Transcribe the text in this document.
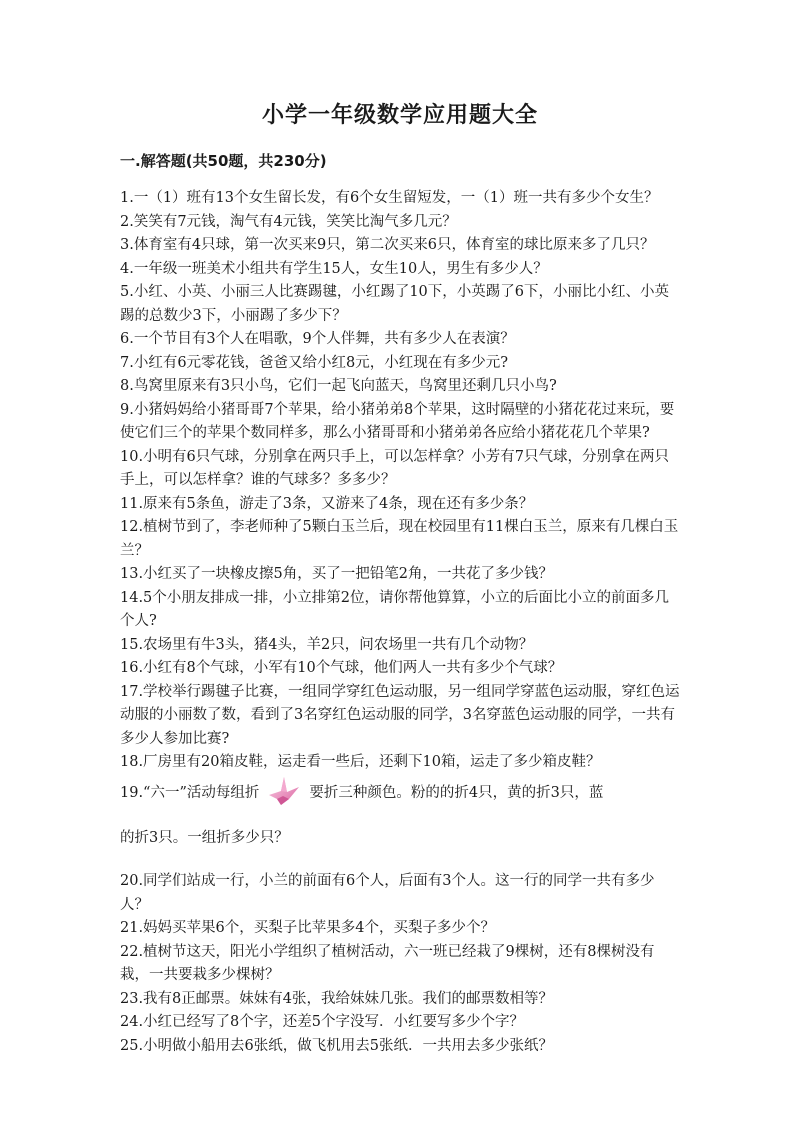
小学一年级数学应用题大全
一.解答题(共50题，共230分)

1.一（1）班有13个女生留长发，有6个女生留短发，一（1）班一共有多少个女生？

2.笑笑有7元钱，淘气有4元钱，笑笑比淘气多几元？

3.体育室有4只球，第一次买来9只，第二次买来6只，体育室的球比原来多了几只？

4.一年级一班美术小组共有学生15人，女生10人，男生有多少人？

5.小红、小英、小丽三人比赛踢毽，小红踢了10下，小英踢了6下，小丽比小红、小英踢的总数少3下，小丽踢了多少下？

6.一个节目有3个人在唱歌，9个人伴舞，共有多少人在表演？

7.小红有6元零花钱，爸爸又给小红8元，小红现在有多少元?

8.鸟窝里原来有3只小鸟，它们一起飞向蓝天，鸟窝里还剩几只小鸟?

9.小猪妈妈给小猪哥哥7个苹果，给小猪弟弟8个苹果，这时隔壁的小猪花花过来玩，要使它们三个的苹果个数同样多，那么小猪哥哥和小猪弟弟各应给小猪花花几个苹果?

10.小明有6只气球，分别拿在两只手上，可以怎样拿？小芳有7只气球，分别拿在两只手上，可以怎样拿？谁的气球多？多多少？

11.原来有5条鱼，游走了3条，又游来了4条，现在还有多少条？

12.植树节到了，李老师种了5颗白玉兰后，现在校园里有11棵白玉兰，原来有几棵白玉兰？

13.小红买了一块橡皮擦5角，买了一把铅笔2角，一共花了多少钱？

14.5个小朋友排成一排，小立排第2位，请你帮他算算，小立的后面比小立的前面多几个人?

15.农场里有牛3头，猪4头，羊2只，问农场里一共有几个动物？

16.小红有8个气球，小军有10个气球，他们两人一共有多少个气球？

17.学校举行踢毽子比赛，一组同学穿红色运动服，另一组同学穿蓝色运动服，穿红色运动服的小丽数了数，看到了3名穿红色运动服的同学，3名穿蓝色运动服的同学，一共有多少人参加比赛?

18.厂房里有20箱皮鞋，运走看一些后，还剩下10箱，运走了多少箱皮鞋？

19.“六一”活动每组折	要折三种颜色。粉的的折4只，黄的折3只，蓝

的折3只。一组折多少只？

20.同学们站成一行，小兰的前面有6个人，后面有3个人。这一行的同学一共有多少人？

21.妈妈买苹果6个，买梨子比苹果多4个，买梨子多少个？

22.植树节这天，阳光小学组织了植树活动，六一班已经栽了9棵树，还有8棵树没有栽，一共要栽多少棵树？

23.我有8正邮票。妹妹有4张，我给妹妹几张。我们的邮票数相等？

24.小红已经写了8个字，还差5个字没写．小红要写多少个字？

25.小明做小船用去6张纸，做飞机用去5张纸．一共用去多少张纸？
